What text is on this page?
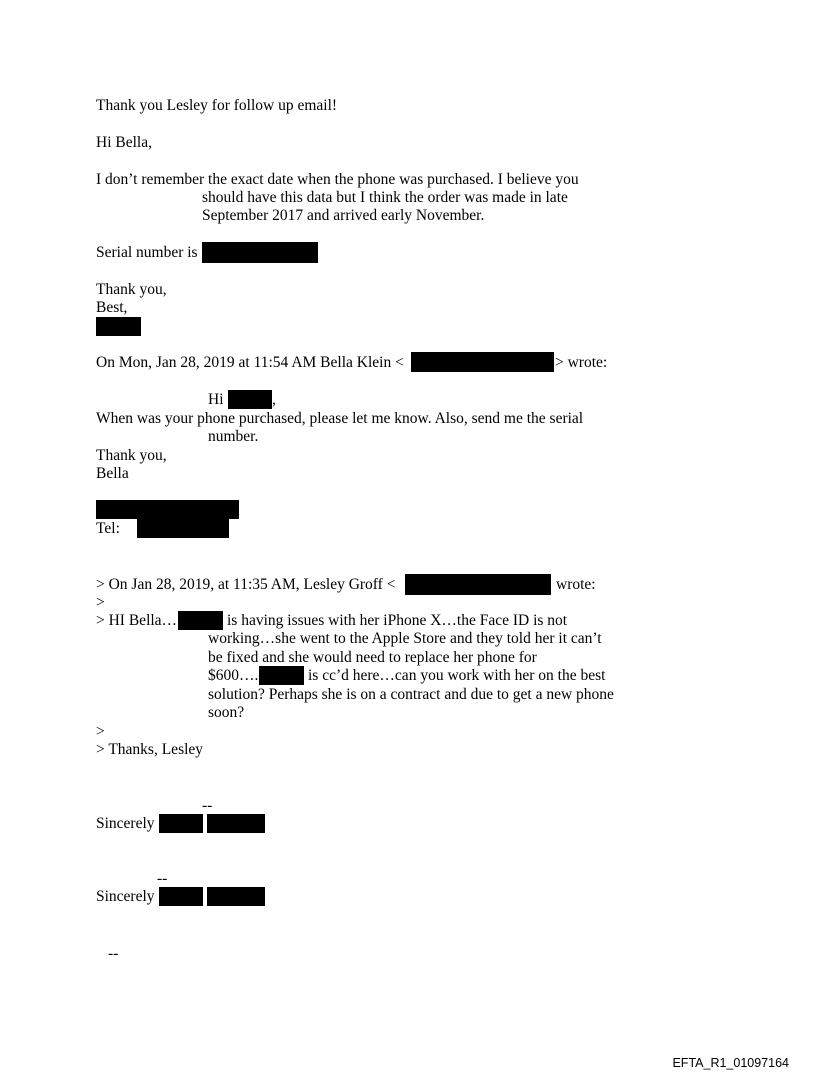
Thank you Lesley for follow up email!
Hi Bella,
I don’t remember the exact date when the phone was purchased. I believe you
should have this data but I think the order was made in late
September 2017 and arrived early November.
Serial number is
Thank you,
Best,
On Mon, Jan 28, 2019 at 11:54 AM Bella Klein <	> wrote:
Hi	,
When was your phone purchased, please let me know. Also, send me the serial
number.
Thank you,
Bella
Tel:
> On Jan 28, 2019, at 11:35 AM, Lesley Groff <	wrote:
>
> HI Bella…	is having issues with her iPhone X…the Face ID is not
working…she went to the Apple Store and they told her it can’t
be fixed and she would need to replace her phone for
$600….	is cc’d here…can you work with her on the best
solution? Perhaps she is on a contract and due to get a new phone
soon?
>
> Thanks, Lesley
--
Sincerely
--
Sincerely
--
EFTA_R1_01097164
